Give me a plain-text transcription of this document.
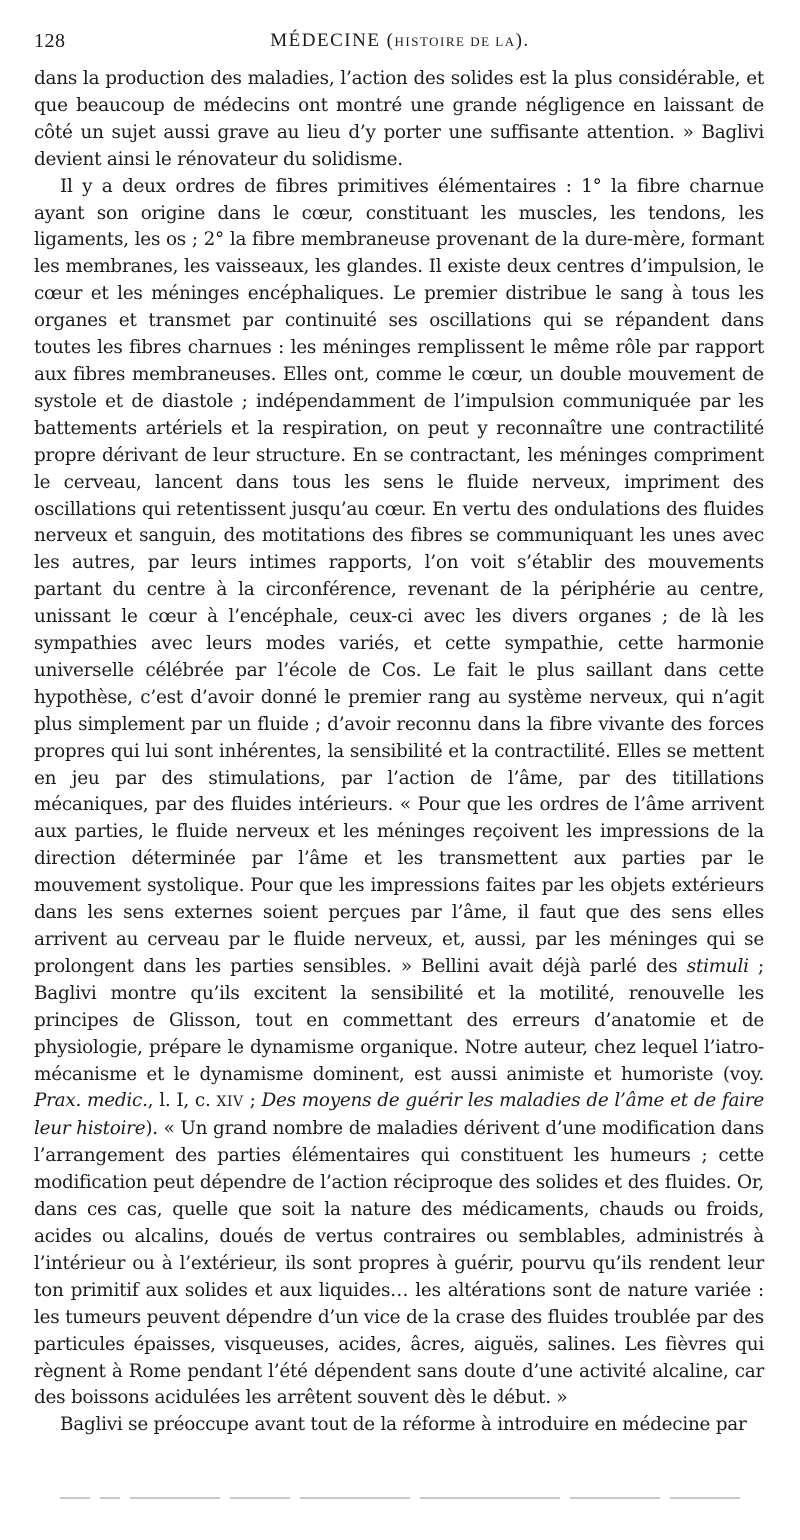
128	MÉDECINE (HISTOIRE DE LA).

dans la production des maladies, l’action des solides est la plus considérable, et que beaucoup de médecins ont montré une grande négligence en laissant de côté un sujet aussi grave au lieu d’y porter une suffisante attention. » Baglivi devient ainsi le rénovateur du solidisme.

Il y a deux ordres de fibres primitives élémentaires : 1° la fibre charnue ayant son origine dans le cœur, constituant les muscles, les tendons, les ligaments, les os ; 2° la fibre membraneuse provenant de la dure-mère, formant les membranes, les vaisseaux, les glandes. Il existe deux centres d’impulsion, le cœur et les méninges encéphaliques. Le premier distribue le sang à tous les organes et transmet par continuité ses oscillations qui se répandent dans toutes les fibres charnues : les méninges remplissent le même rôle par rapport aux fibres membraneuses. Elles ont, comme le cœur, un double mouvement de systole et de diastole ; indépendamment de l’impulsion communiquée par les battements artériels et la respiration, on peut y reconnaître une contractilité propre dérivant de leur structure. En se contractant, les méninges compriment le cerveau, lancent dans tous les sens le fluide nerveux, impriment des oscillations qui retentissent jusqu’au cœur. En vertu des ondulations des fluides nerveux et sanguin, des motitations des fibres se communiquant les unes avec les autres, par leurs intimes rapports, l’on voit s’établir des mouvements partant du centre à la circonférence, revenant de la périphérie au centre, unissant le cœur à l’encéphale, ceux-ci avec les divers organes ; de là les sympathies avec leurs modes variés, et cette sympathie, cette harmonie universelle célébrée par l’école de Cos. Le fait le plus saillant dans cette hypothèse, c’est d’avoir donné le premier rang au système nerveux, qui n’agit plus simplement par un fluide ; d’avoir reconnu dans la fibre vivante des forces propres qui lui sont inhérentes, la sensibilité et la contractilité. Elles se mettent en jeu par des stimulations, par l’action de l’âme, par des titillations mécaniques, par des fluides intérieurs. « Pour que les ordres de l’âme arrivent aux parties, le fluide nerveux et les méninges reçoivent les impressions de la direction déterminée par l’âme et les transmettent aux parties par le mouvement systolique. Pour que les impressions faites par les objets extérieurs dans les sens externes soient perçues par l’âme, il faut que des sens elles arrivent au cerveau par le fluide nerveux, et, aussi, par les méninges qui se prolongent dans les parties sensibles. » Bellini avait déjà parlé des stimuli ; Baglivi montre qu’ils excitent la sensibilité et la motilité, renouvelle les principes de Glisson, tout en commettant des erreurs d’anatomie et de physiologie, prépare le dynamisme organique. Notre auteur, chez lequel l’iatro-mécanisme et le dynamisme dominent, est aussi animiste et humoriste (voy. Prax. medic., l. I, c. XIV ; Des moyens de guérir les maladies de l’âme et de faire leur histoire). « Un grand nombre de maladies dérivent d’une modification dans l’arrangement des parties élémentaires qui constituent les humeurs ; cette modification peut dépendre de l’action réciproque des solides et des fluides. Or, dans ces cas, quelle que soit la nature des médicaments, chauds ou froids, acides ou alcalins, doués de vertus contraires ou semblables, administrés à l’intérieur ou à l’extérieur, ils sont propres à guérir, pourvu qu’ils rendent leur ton primitif aux solides et aux liquides… les altérations sont de nature variée : les tumeurs peuvent dépendre d’un vice de la crase des fluides troublée par des particules épaisses, visqueuses, acides, âcres, aiguës, salines. Les fièvres qui règnent à Rome pendant l’été dépendent sans doute d’une activité alcaline, car des boissons acidulées les arrêtent souvent dès le début. »

Baglivi se préoccupe avant tout de la réforme à introduire en médecine par
